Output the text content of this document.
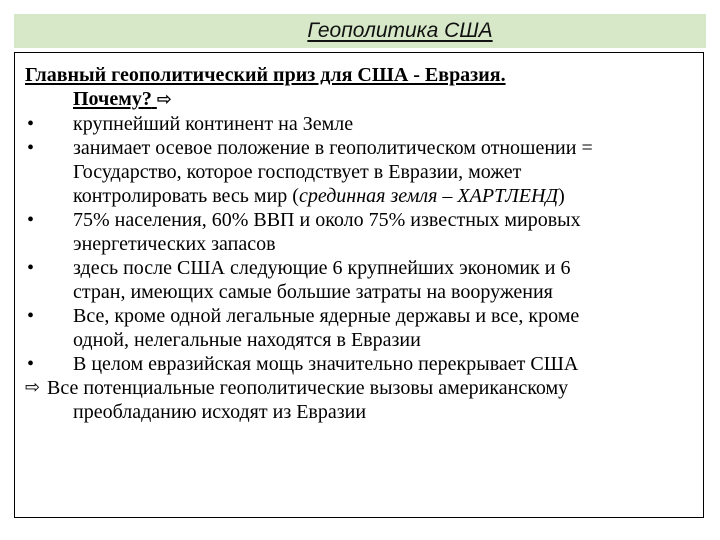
Геополитика США
Главный геополитический приз для США - Евразия.
Почему? ⇨
•	крупнейший континент на Земле
•	занимает осевое положение в геополитическом отношении =
Государство, которое господствует в Евразии, может
контролировать весь мир (срединная земля – ХАРТЛЕНД)
•	75% населения, 60% ВВП и около 75% известных мировых
энергетических запасов
•	здесь после США следующие 6 крупнейших экономик и 6
стран, имеющих самые большие затраты на вооружения
•	Все, кроме одной легальные ядерные державы и все, кроме
одной, нелегальные находятся в Евразии
•	В целом евразийская мощь значительно перекрывает США
⇨ Все потенциальные геополитические вызовы американскому
преобладанию исходят из Евразии
